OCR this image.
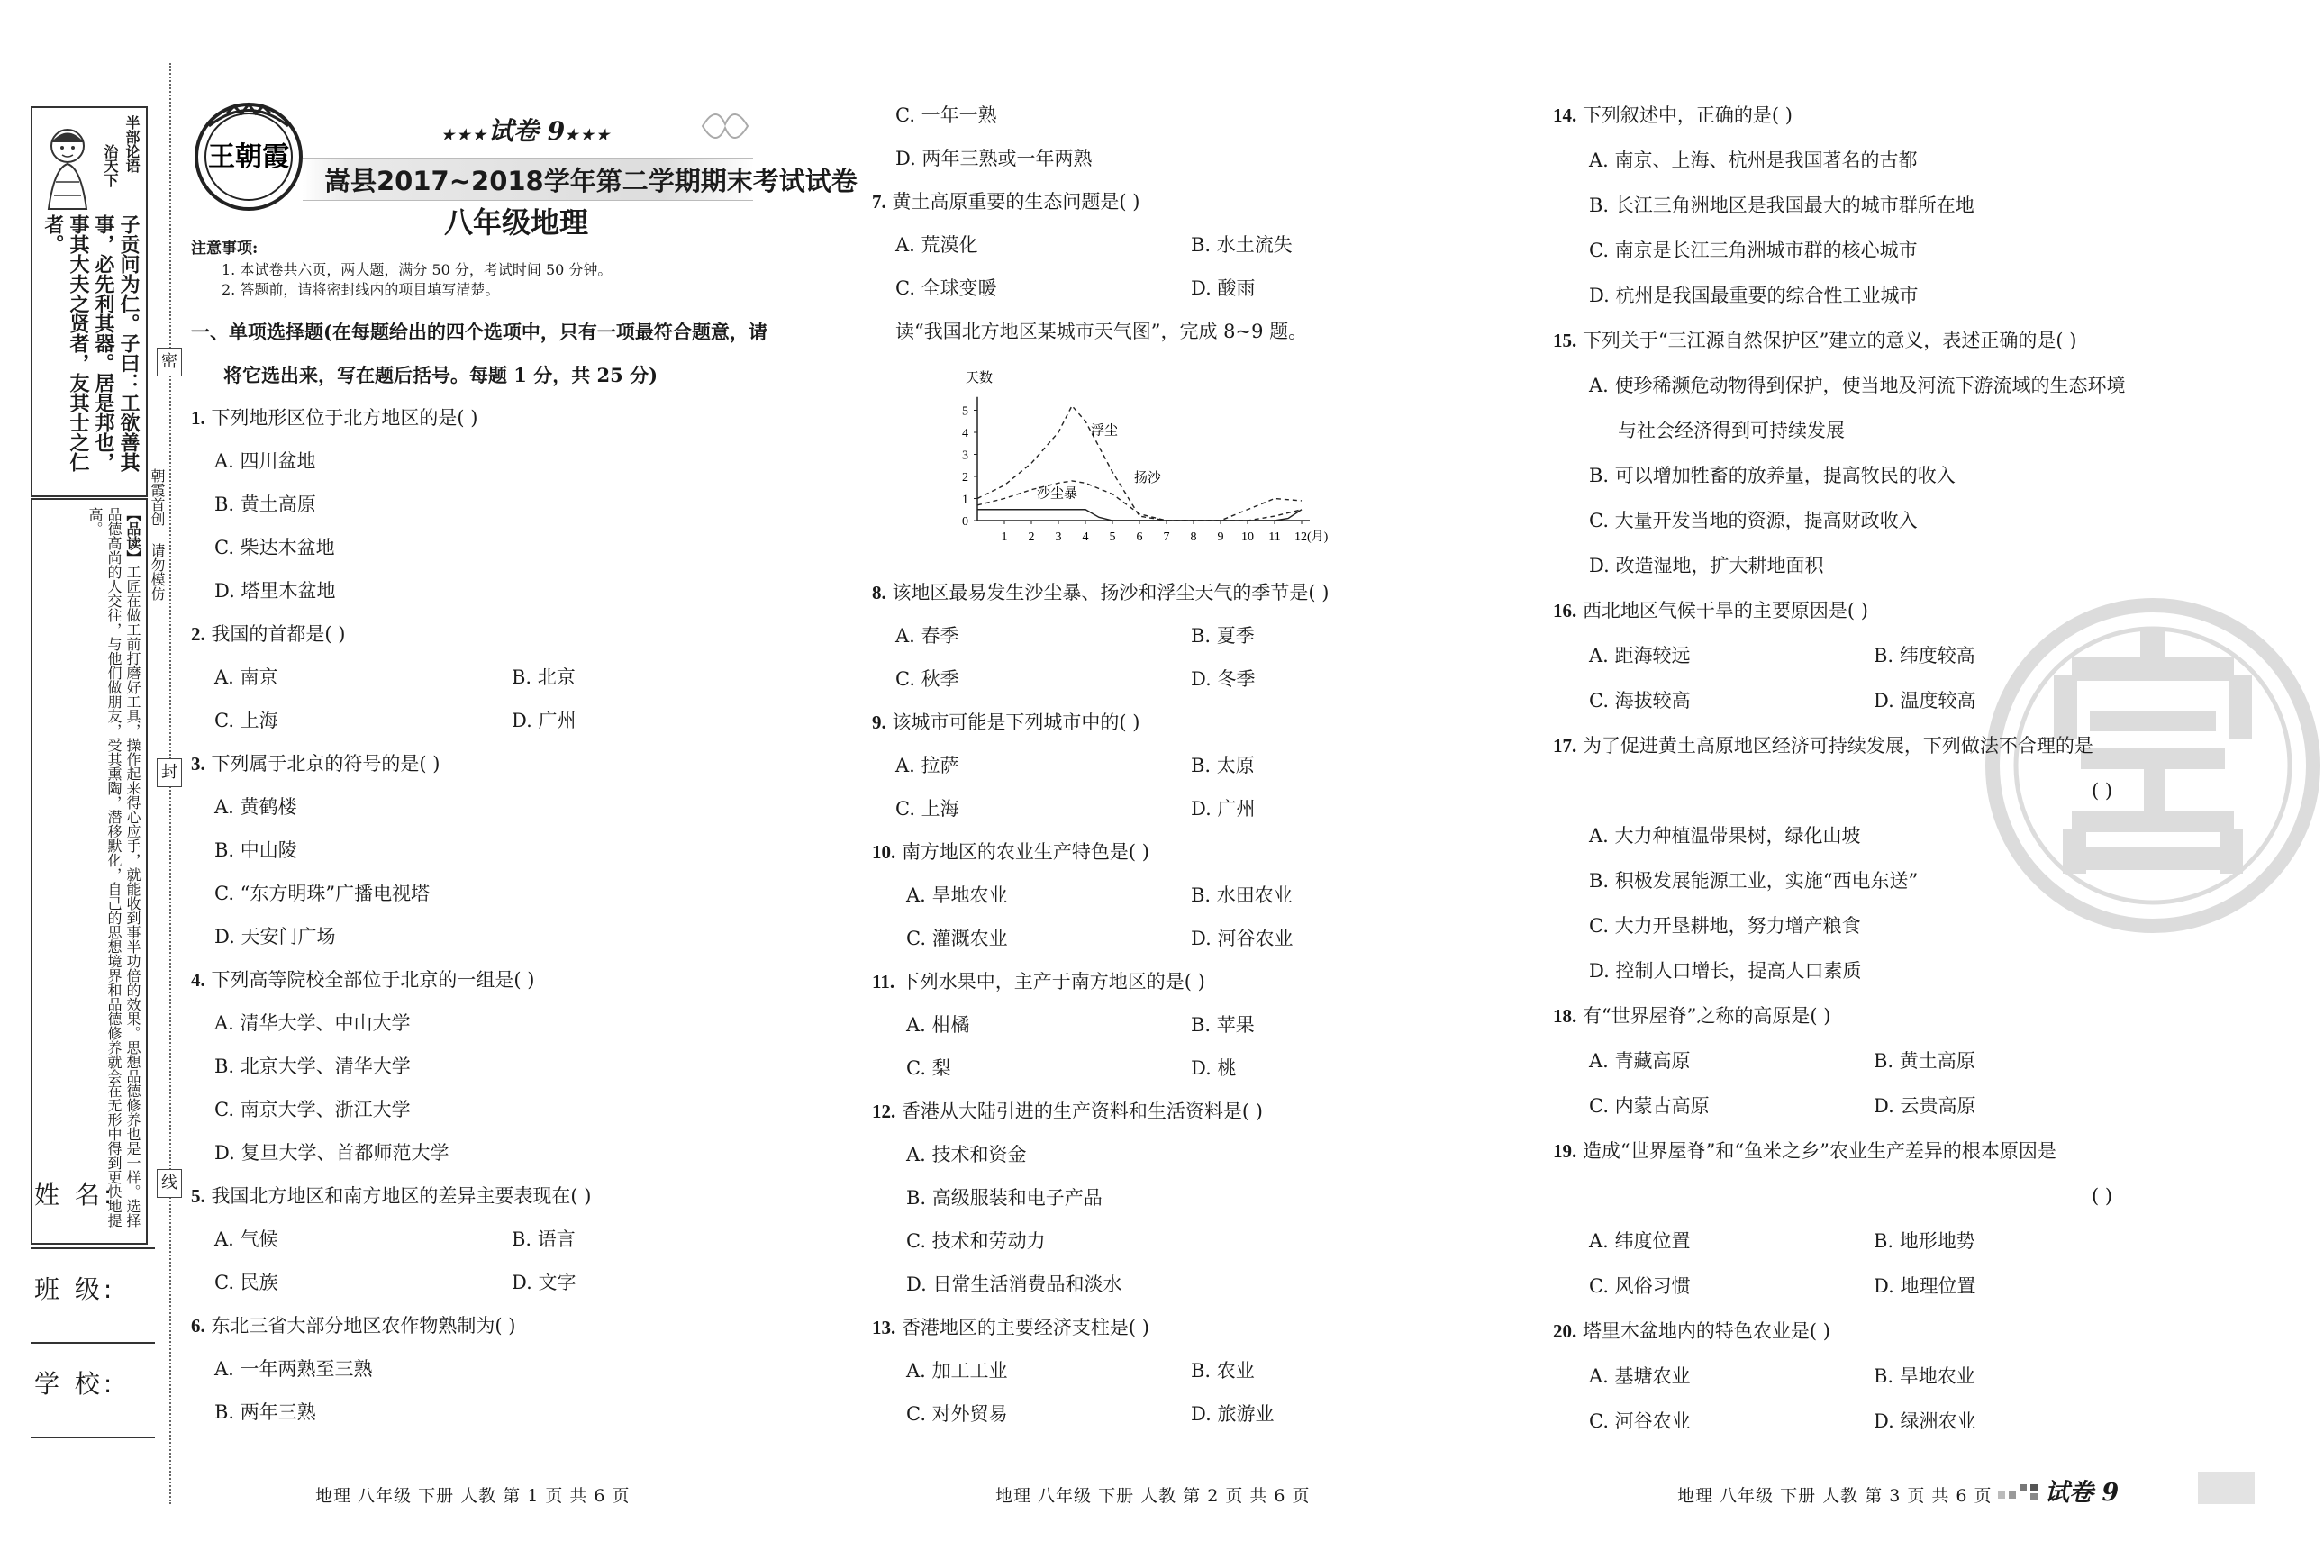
半部论语
治天下
子贡问为仁。子曰：工欲善其事，必先利其器。居是邦也，事其大夫之贤者，友其士之仁者。
【品读】工匠在做工前打磨好工具，操作起来得心应手，就能收到事半功倍的效果。思想品德修养也是一样。选择品德高尚的人交往，与他们做朋友，受其熏陶，潜移默化，自己的思想境界和品德修养就会在无形中得到更快地提高。
密
封
线
朝霞首创 请勿模仿
姓 名:
班 级:
学 校:
王朝霞
★★★试卷 9★★★
嵩县2017~2018学年第二学期期末考试试卷
八年级地理
注意事项:
1. 本试卷共六页，两大题，满分 50 分，考试时间 50 分钟。
2. 答题前，请将密封线内的项目填写清楚。
一、单项选择题(在每题给出的四个选项中，只有一项最符合题意，请
将它选出来，写在题后括号。每题 1 分，共 25 分)
1. 下列地形区位于北方地区的是( )
A. 四川盆地
B. 黄土高原
C. 柴达木盆地
D. 塔里木盆地
2. 我国的首都是( )
A. 南京	B. 北京
C. 上海	D. 广州
3. 下列属于北京的符号的是( )
A. 黄鹤楼
B. 中山陵
C. “东方明珠”广播电视塔
D. 天安门广场
4. 下列高等院校全部位于北京的一组是( )
A. 清华大学、中山大学
B. 北京大学、清华大学
C. 南京大学、浙江大学
D. 复旦大学、首都师范大学
5. 我国北方地区和南方地区的差异主要表现在( )
A. 气候	B. 语言
C. 民族	D. 文字
6. 东北三省大部分地区农作物熟制为( )
A. 一年两熟至三熟
B. 两年三熟
地理 八年级 下册 人教 第 1 页 共 6 页
C. 一年一熟
D. 两年三熟或一年两熟
7. 黄土高原重要的生态问题是( )
A. 荒漠化	B. 水土流失
C. 全球变暖	D. 酸雨
读“我国北方地区某城市天气图”，完成 8~9 题。
0
1
2
3
4
5
1 2 3 4 5 6 7 8 9 10 11 12(月)
天数
浮尘
扬沙
沙尘暴
8. 该地区最易发生沙尘暴、扬沙和浮尘天气的季节是( )
A. 春季	B. 夏季
C. 秋季	D. 冬季
9. 该城市可能是下列城市中的( )
A. 拉萨	B. 太原
C. 上海	D. 广州
10. 南方地区的农业生产特色是( )
A. 旱地农业	B. 水田农业
C. 灌溉农业	D. 河谷农业
11. 下列水果中，主产于南方地区的是( )
A. 柑橘	B. 苹果
C. 梨	D. 桃
12. 香港从大陆引进的生产资料和生活资料是( )
A. 技术和资金
B. 高级服装和电子产品
C. 技术和劳动力
D. 日常生活消费品和淡水
13. 香港地区的主要经济支柱是( )
A. 加工工业	B. 农业
C. 对外贸易	D. 旅游业
地理 八年级 下册 人教 第 2 页 共 6 页
14. 下列叙述中，正确的是( )
A. 南京、上海、杭州是我国著名的古都
B. 长江三角洲地区是我国最大的城市群所在地
C. 南京是长江三角洲城市群的核心城市
D. 杭州是我国最重要的综合性工业城市
15. 下列关于“三江源自然保护区”建立的意义，表述正确的是( )
A. 使珍稀濒危动物得到保护，使当地及河流下游流域的生态环境
与社会经济得到可持续发展
B. 可以增加牲畜的放养量，提高牧民的收入
C. 大量开发当地的资源，提高财政收入
D. 改造湿地，扩大耕地面积
16. 西北地区气候干旱的主要原因是( )
A. 距海较远	B. 纬度较高
C. 海拔较高	D. 温度较高
17. 为了促进黄土高原地区经济可持续发展，下列做法不合理的是
( )
A. 大力种植温带果树，绿化山坡
B. 积极发展能源工业，实施“西电东送”
C. 大力开垦耕地，努力增产粮食
D. 控制人口增长，提高人口素质
18. 有“世界屋脊”之称的高原是( )
A. 青藏高原	B. 黄土高原
C. 内蒙古高原	D. 云贵高原
19. 造成“世界屋脊”和“鱼米之乡”农业生产差异的根本原因是
( )
A. 纬度位置	B. 地形地势
C. 风俗习惯	D. 地理位置
20. 塔里木盆地内的特色农业是( )
A. 基塘农业	B. 旱地农业
C. 河谷农业	D. 绿洲农业
地理 八年级 下册 人教 第 3 页 共 6 页 试卷 9
